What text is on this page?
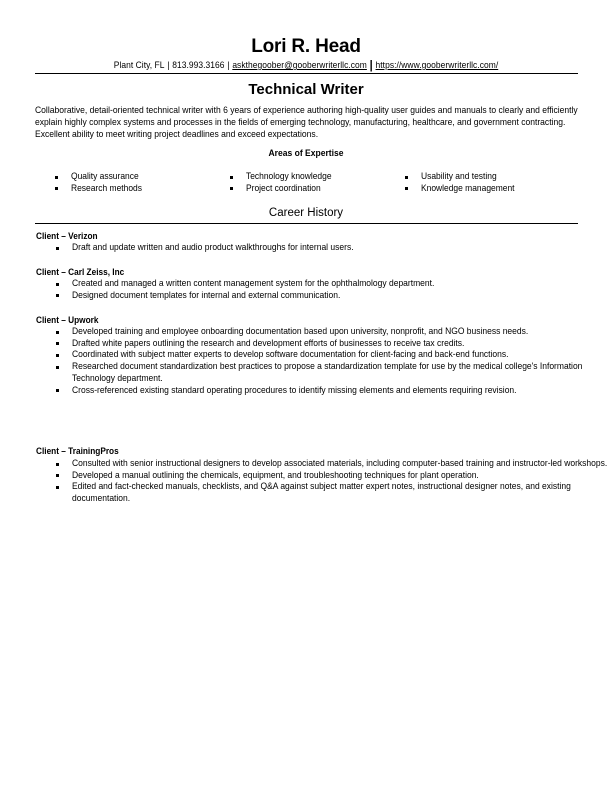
Lori R. Head
Plant City, FL | 813.993.3166 | askthegoober@gooberwriterllc.com | https://www.gooberwriterllc.com/
Technical Writer
Collaborative, detail-oriented technical writer with 6 years of experience authoring high-quality user guides and manuals to clearly and efficiently explain highly complex systems and processes in the fields of emerging technology, manufacturing, healthcare, and government contracting. Excellent ability to meet writing project deadlines and exceed expectations.
Areas of Expertise
Quality assurance
Research methods
Technology knowledge
Project coordination
Usability and testing
Knowledge management
Career History
Client – Verizon
Draft and update written and audio product walkthroughs for internal users.
Client – Carl Zeiss, Inc
Created and managed a written content management system for the ophthalmology department.
Designed document templates for internal and external communication.
Client – Upwork
Developed training and employee onboarding documentation based upon university, nonprofit, and NGO business needs.
Drafted white papers outlining the research and development efforts of businesses to receive tax credits.
Coordinated with subject matter experts to develop software documentation for client-facing and back-end functions.
Researched document standardization best practices to propose a standardization template for use by the medical college's Information Technology department.
Cross-referenced existing standard operating procedures to identify missing elements and elements requiring revision.
Client – TrainingPros
Consulted with senior instructional designers to develop associated materials, including computer-based training and instructor-led workshops.
Developed a manual outlining the chemicals, equipment, and troubleshooting techniques for plant operation.
Edited and fact-checked manuals, checklists, and Q&A against subject matter expert notes, instructional designer notes, and existing documentation.
